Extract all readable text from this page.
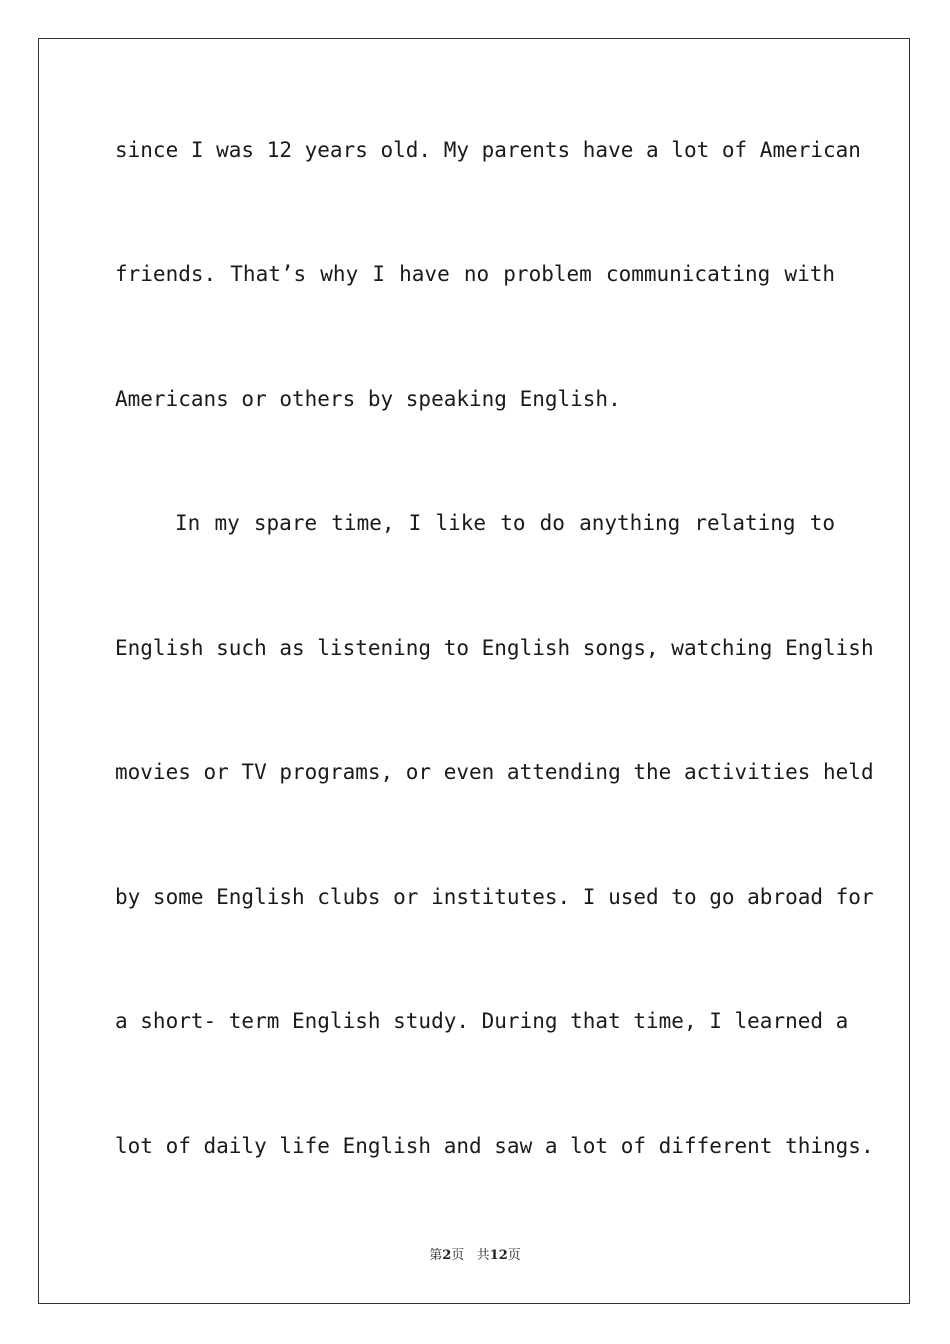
since I was 12 years old. My parents have a lot of American
friends. That’s why I have no problem communicating with
Americans or others by speaking English.
In my spare time, I like to do anything relating to
English such as listening to English songs, watching English
movies or TV programs, or even attending the activities held
by some English clubs or institutes. I used to go abroad for
a short- term English study. During that time, I learned a
lot of daily life English and saw a lot of different things.
第2页 共12页
